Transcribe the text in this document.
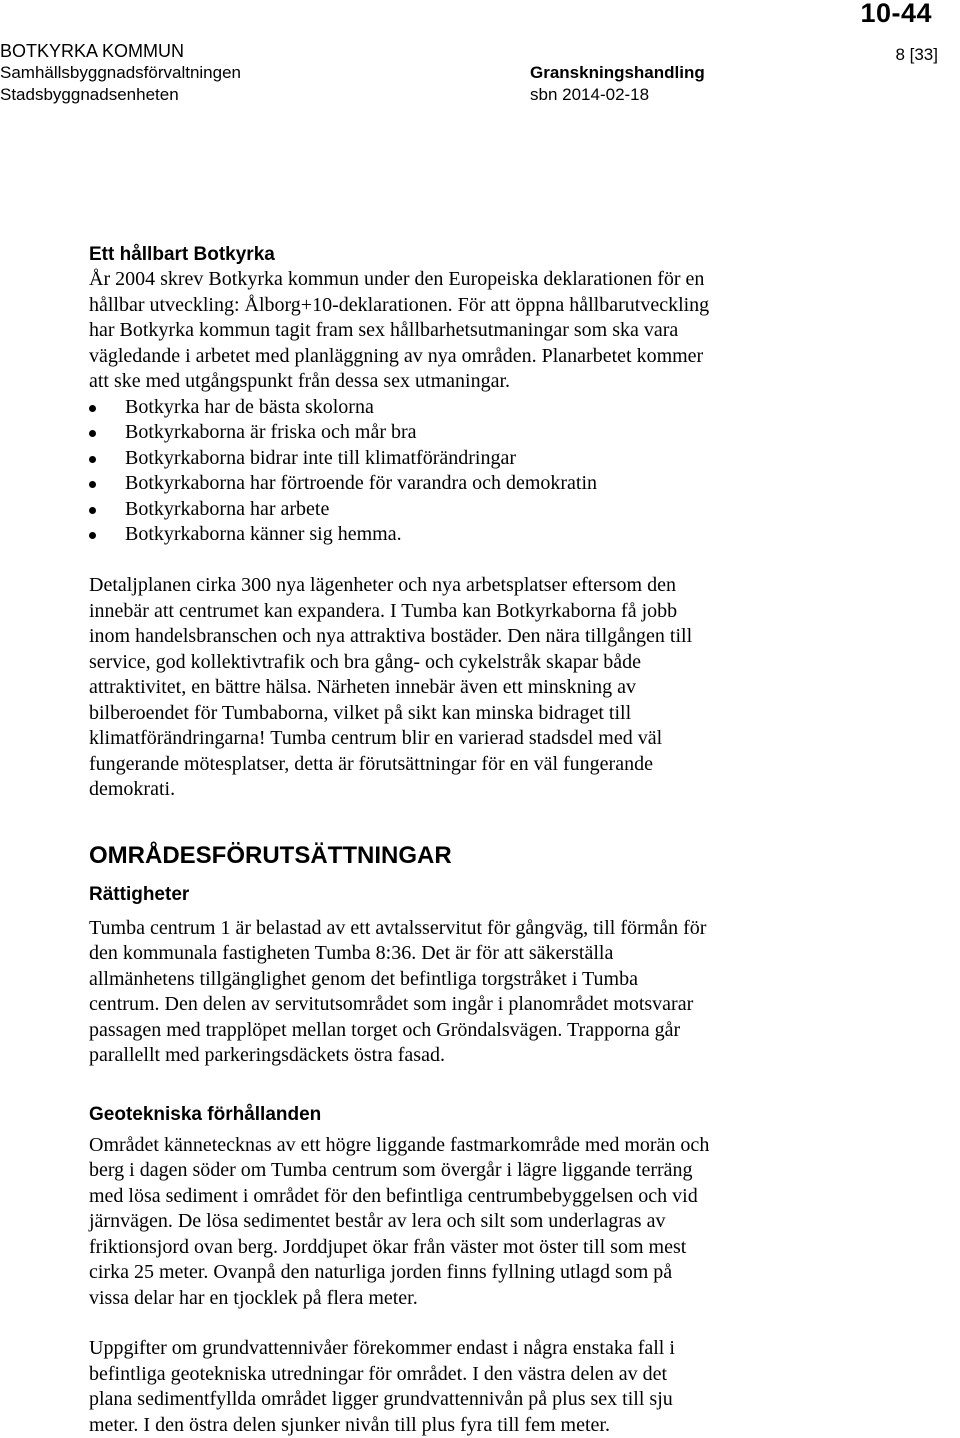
10-44
BOTKYRKA KOMMUN
Samhällsbyggnadsförvaltningen
Stadsbyggnadsenheten
Granskningshandling
sbn 2014-02-18
8 [33]
Ett hållbart Botkyrka
År 2004 skrev Botkyrka kommun under den Europeiska deklarationen för en
hållbar utveckling: Ålborg+10-deklarationen. För att öppna hållbarutveckling
har Botkyrka kommun tagit fram sex hållbarhetsutmaningar som ska vara
vägledande i arbetet med planläggning av nya områden. Planarbetet kommer
att ske med utgångspunkt från dessa sex utmaningar.
Botkyrka har de bästa skolorna
Botkyrkaborna är friska och mår bra
Botkyrkaborna bidrar inte till klimatförändringar
Botkyrkaborna har förtroende för varandra och demokratin
Botkyrkaborna har arbete
Botkyrkaborna känner sig hemma.
Detaljplanen cirka 300 nya lägenheter och nya arbetsplatser eftersom den
innebär att centrumet kan expandera. I Tumba kan Botkyrkaborna få jobb
inom handelsbranschen och nya attraktiva bostäder. Den nära tillgången till
service, god kollektivtrafik och bra gång- och cykelstråk skapar både
attraktivitet, en bättre hälsa. Närheten innebär även ett minskning av
bilberoendet för Tumbaborna, vilket på sikt kan minska bidraget till
klimatförändringarna! Tumba centrum blir en varierad stadsdel med väl
fungerande mötesplatser, detta är förutsättningar för en väl fungerande
demokrati.
OMRÅDESFÖRUTSÄTTNINGAR
Rättigheter
Tumba centrum 1 är belastad av ett avtalsservitut för gångväg, till förmån för
den kommunala fastigheten Tumba 8:36. Det är för att säkerställa
allmänhetens tillgänglighet genom det befintliga torgstråket i Tumba
centrum. Den delen av servitutsområdet som ingår i planområdet motsvarar
passagen med trapplöpet mellan torget och Gröndalsvägen. Trapporna går
parallellt med parkeringsdäckets östra fasad.
Geotekniska förhållanden
Området kännetecknas av ett högre liggande fastmarkområde med morän och
berg i dagen söder om Tumba centrum som övergår i lägre liggande terräng
med lösa sediment i området för den befintliga centrumbebyggelsen och vid
järnvägen. De lösa sedimentet består av lera och silt som underlagras av
friktionsjord ovan berg. Jorddjupet ökar från väster mot öster till som mest
cirka 25 meter. Ovanpå den naturliga jorden finns fyllning utlagd som på
vissa delar har en tjocklek på flera meter.
Uppgifter om grundvattennivåer förekommer endast i några enstaka fall i
befintliga geotekniska utredningar för området. I den västra delen av det
plana sedimentfyllda området ligger grundvattennivån på plus sex till sju
meter. I den östra delen sjunker nivån till plus fyra till fem meter.
